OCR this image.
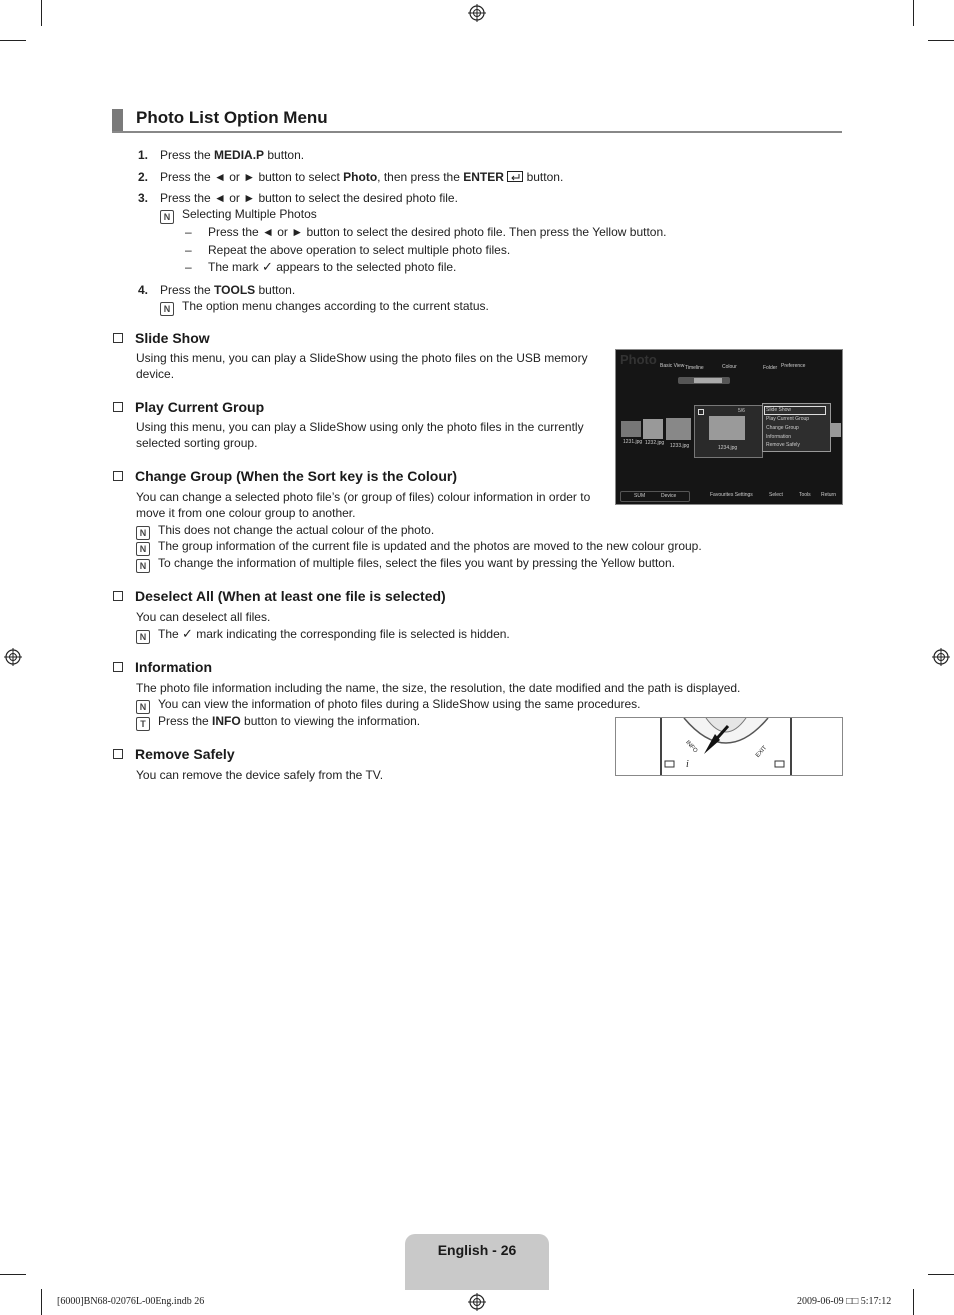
Photo List Option Menu
1. Press the MEDIA.P button.
2. Press the ◄ or ► button to select Photo, then press the ENTER  button.
3. Press the ◄ or ► button to select the desired photo file.
N Selecting Multiple Photos
– Press the ◄ or ► button to select the desired photo file. Then press the Yellow button.
– Repeat the above operation to select multiple photo files.
– The mark ✓ appears to the selected photo file.
4. Press the TOOLS button.
N The option menu changes according to the current status.
Slide Show
Using this menu, you can play a SlideShow using the photo files on the USB memory device.
Play Current Group
Using this menu, you can play a SlideShow using only the photo files in the currently selected sorting group.
Change Group (When the Sort key is the Colour)
You can change a selected photo file’s (or group of files) colour information in order to move it from one colour group to another.
N This does not change the actual colour of the photo.
N The group information of the current file is updated and the photos are moved to the new colour group.
N To change the information of multiple files, select the files you want by pressing the Yellow button.
Deselect All (When at least one file is selected)
You can deselect all files.
N The ✓ mark indicating the corresponding file is selected is hidden.
Information
The photo file information including the name, the size, the resolution, the date modified and the path is displayed.
N You can view the information of photo files during a SlideShow using the same procedures.
T Press the INFO button to viewing the information.
Remove Safely
You can remove the device safely from the TV.
Photo Basic View Timeline	Colour	Folder Preference
1231.jpg 1232.jpg 1233.jpg
5/6
1234.jpg
Slide Show
Play Current Group
Change Group
Information
Remove Safely
SUM	Device	Favourites Settings	Select	Tools Return
i
INFO	EXIT
English - 26
[6000]BN68-02076L-00Eng.indb 26	2009-06-09 □□ 5:17:12
